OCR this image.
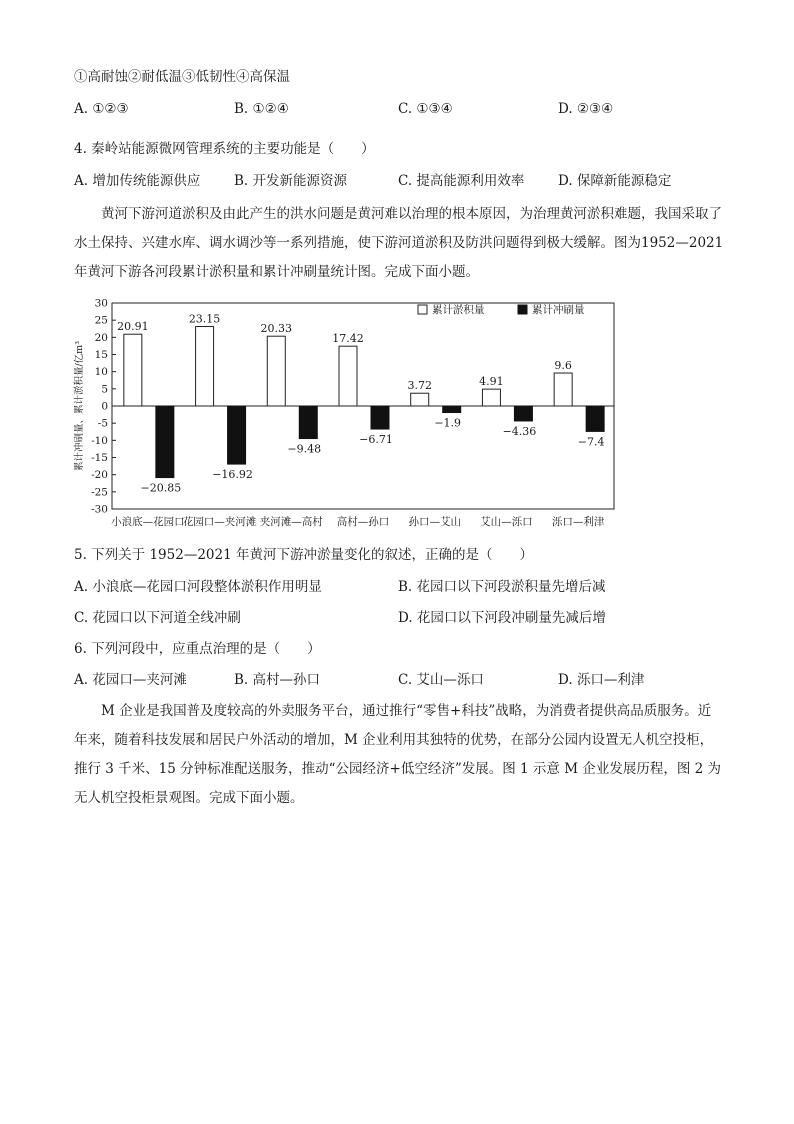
①高耐蚀②耐低温③低韧性④高保温
A. ①②③	B. ①②④	C. ①③④	D. ②③④
4. 秦岭站能源微网管理系统的主要功能是（　　）
A. 增加传统能源供应 B. 开发新能源资源	C. 提高能源利用效率 D. 保障新能源稳定
黄河下游河道淤积及由此产生的洪水问题是黄河难以治理的根本原因，为治理黄河淤积难题，我国采取了水土保持、兴建水库、调水调沙等一系列措施，使下游河道淤积及防洪问题得到极大缓解。图为1952—2021年黄河下游各河段累计淤积量和累计冲刷量统计图。完成下面小题。
30
25
20
15
10
5
0
-5
-10
-15
-20
-25
-30
累计冲刷量、累计淤积量/亿m³
20.91
−20.85
小浪底—花园口
23.15
−16.92
花园口—夹河滩
20.33
−9.48
夹河滩—高村
17.42
−6.71
高村—孙口
3.72
−1.9
孙口—艾山
4.91
−4.36
艾山—泺口
9.6
−7.4
泺口—利津
累计淤积量	累计冲刷量
5. 下列关于 1952—2021 年黄河下游冲淤量变化的叙述，正确的是（　　）
A. 小浪底—花园口河段整体淤积作用明显	B. 花园口以下河段淤积量先增后减
C. 花园口以下河道全线冲刷	D. 花园口以下河段冲刷量先减后增
6. 下列河段中，应重点治理的是（　　）
A. 花园口—夹河滩	B. 高村—孙口	C. 艾山—泺口	D. 泺口—利津
M 企业是我国普及度较高的外卖服务平台，通过推行“零售+科技”战略，为消费者提供高品质服务。近年来，随着科技发展和居民户外活动的增加，M 企业利用其独特的优势，在部分公园内设置无人机空投柜，推行 3 千米、15 分钟标准配送服务，推动“公园经济+低空经济”发展。图 1 示意 M 企业发展历程，图 2 为无人机空投柜景观图。完成下面小题。
